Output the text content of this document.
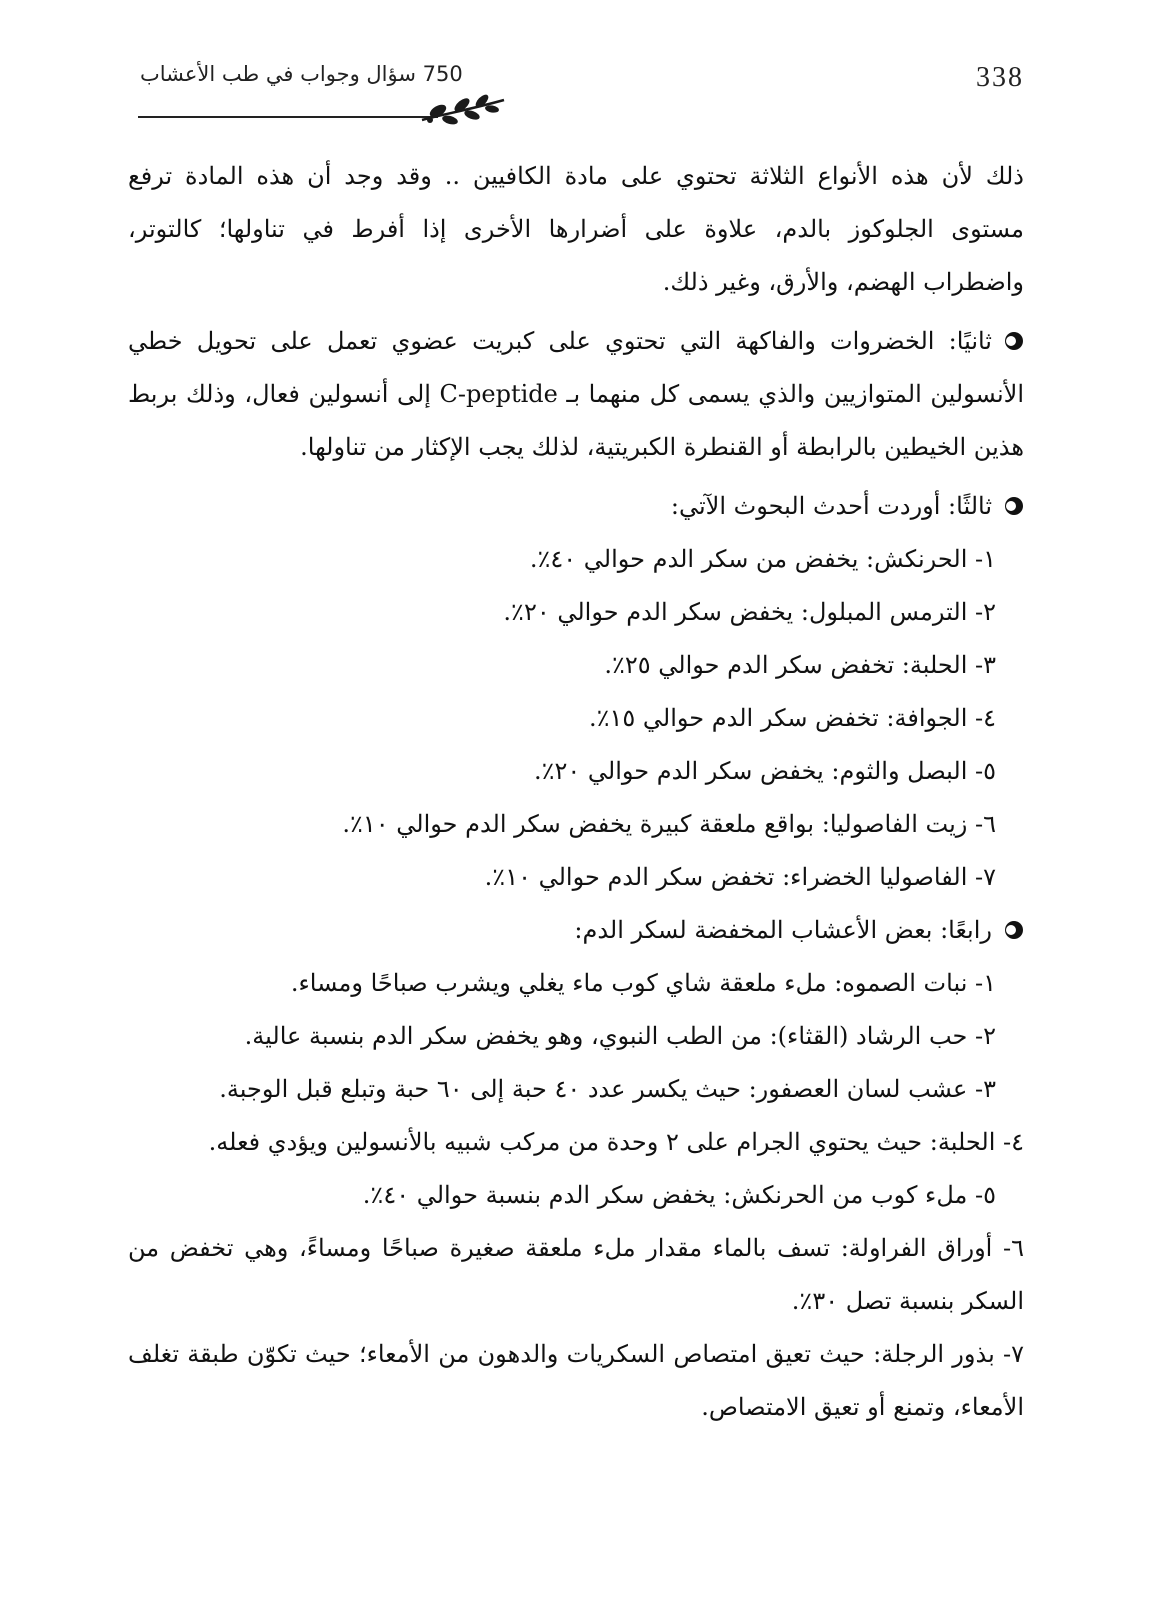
338
750 سؤال وجواب في طب الأعشاب

ذلك لأن هذه الأنواع الثلاثة تحتوي على مادة الكافيين .. وقد وجد أن هذه المادة ترفع مستوى الجلوكوز بالدم، علاوة على أضرارها الأخرى إذا أفرط في تناولها؛ كالتوتر، واضطراب الهضم، والأرق، وغير ذلك.

ثانيًا: الخضروات والفاكهة التي تحتوي على كبريت عضوي تعمل على تحويل خطي الأنسولين المتوازيين والذي يسمى كل منهما بـ C-peptide إلى أنسولين فعال، وذلك بربط هذين الخيطين بالرابطة أو القنطرة الكبريتية، لذلك يجب الإكثار من تناولها.

ثالثًا: أوردت أحدث البحوث الآتي:

١- الحرنكش: يخفض من سكر الدم حوالي ٤٠٪.

٢- الترمس المبلول: يخفض سكر الدم حوالي ٢٠٪.

٣- الحلبة: تخفض سكر الدم حوالي ٢٥٪.

٤- الجوافة: تخفض سكر الدم حوالي ١٥٪.

٥- البصل والثوم: يخفض سكر الدم حوالي ٢٠٪.

٦- زيت الفاصوليا: بواقع ملعقة كبيرة يخفض سكر الدم حوالي ١٠٪.

٧- الفاصوليا الخضراء: تخفض سكر الدم حوالي ١٠٪.

رابعًا: بعض الأعشاب المخفضة لسكر الدم:

١- نبات الصموه: ملء ملعقة شاي كوب ماء يغلي ويشرب صباحًا ومساء.

٢- حب الرشاد (القثاء): من الطب النبوي، وهو يخفض سكر الدم بنسبة عالية.

٣- عشب لسان العصفور: حيث يكسر عدد ٤٠ حبة إلى ٦٠ حبة وتبلع قبل الوجبة.

٤- الحلبة: حيث يحتوي الجرام على ٢ وحدة من مركب شبيه بالأنسولين ويؤدي فعله.

٥- ملء كوب من الحرنكش: يخفض سكر الدم بنسبة حوالي ٤٠٪.

٦- أوراق الفراولة: تسف بالماء مقدار ملء ملعقة صغيرة صباحًا ومساءً، وهي تخفض من السكر بنسبة تصل ٣٠٪.

٧- بذور الرجلة: حيث تعيق امتصاص السكريات والدهون من الأمعاء؛ حيث تكوّن طبقة تغلف الأمعاء، وتمنع أو تعيق الامتصاص.
